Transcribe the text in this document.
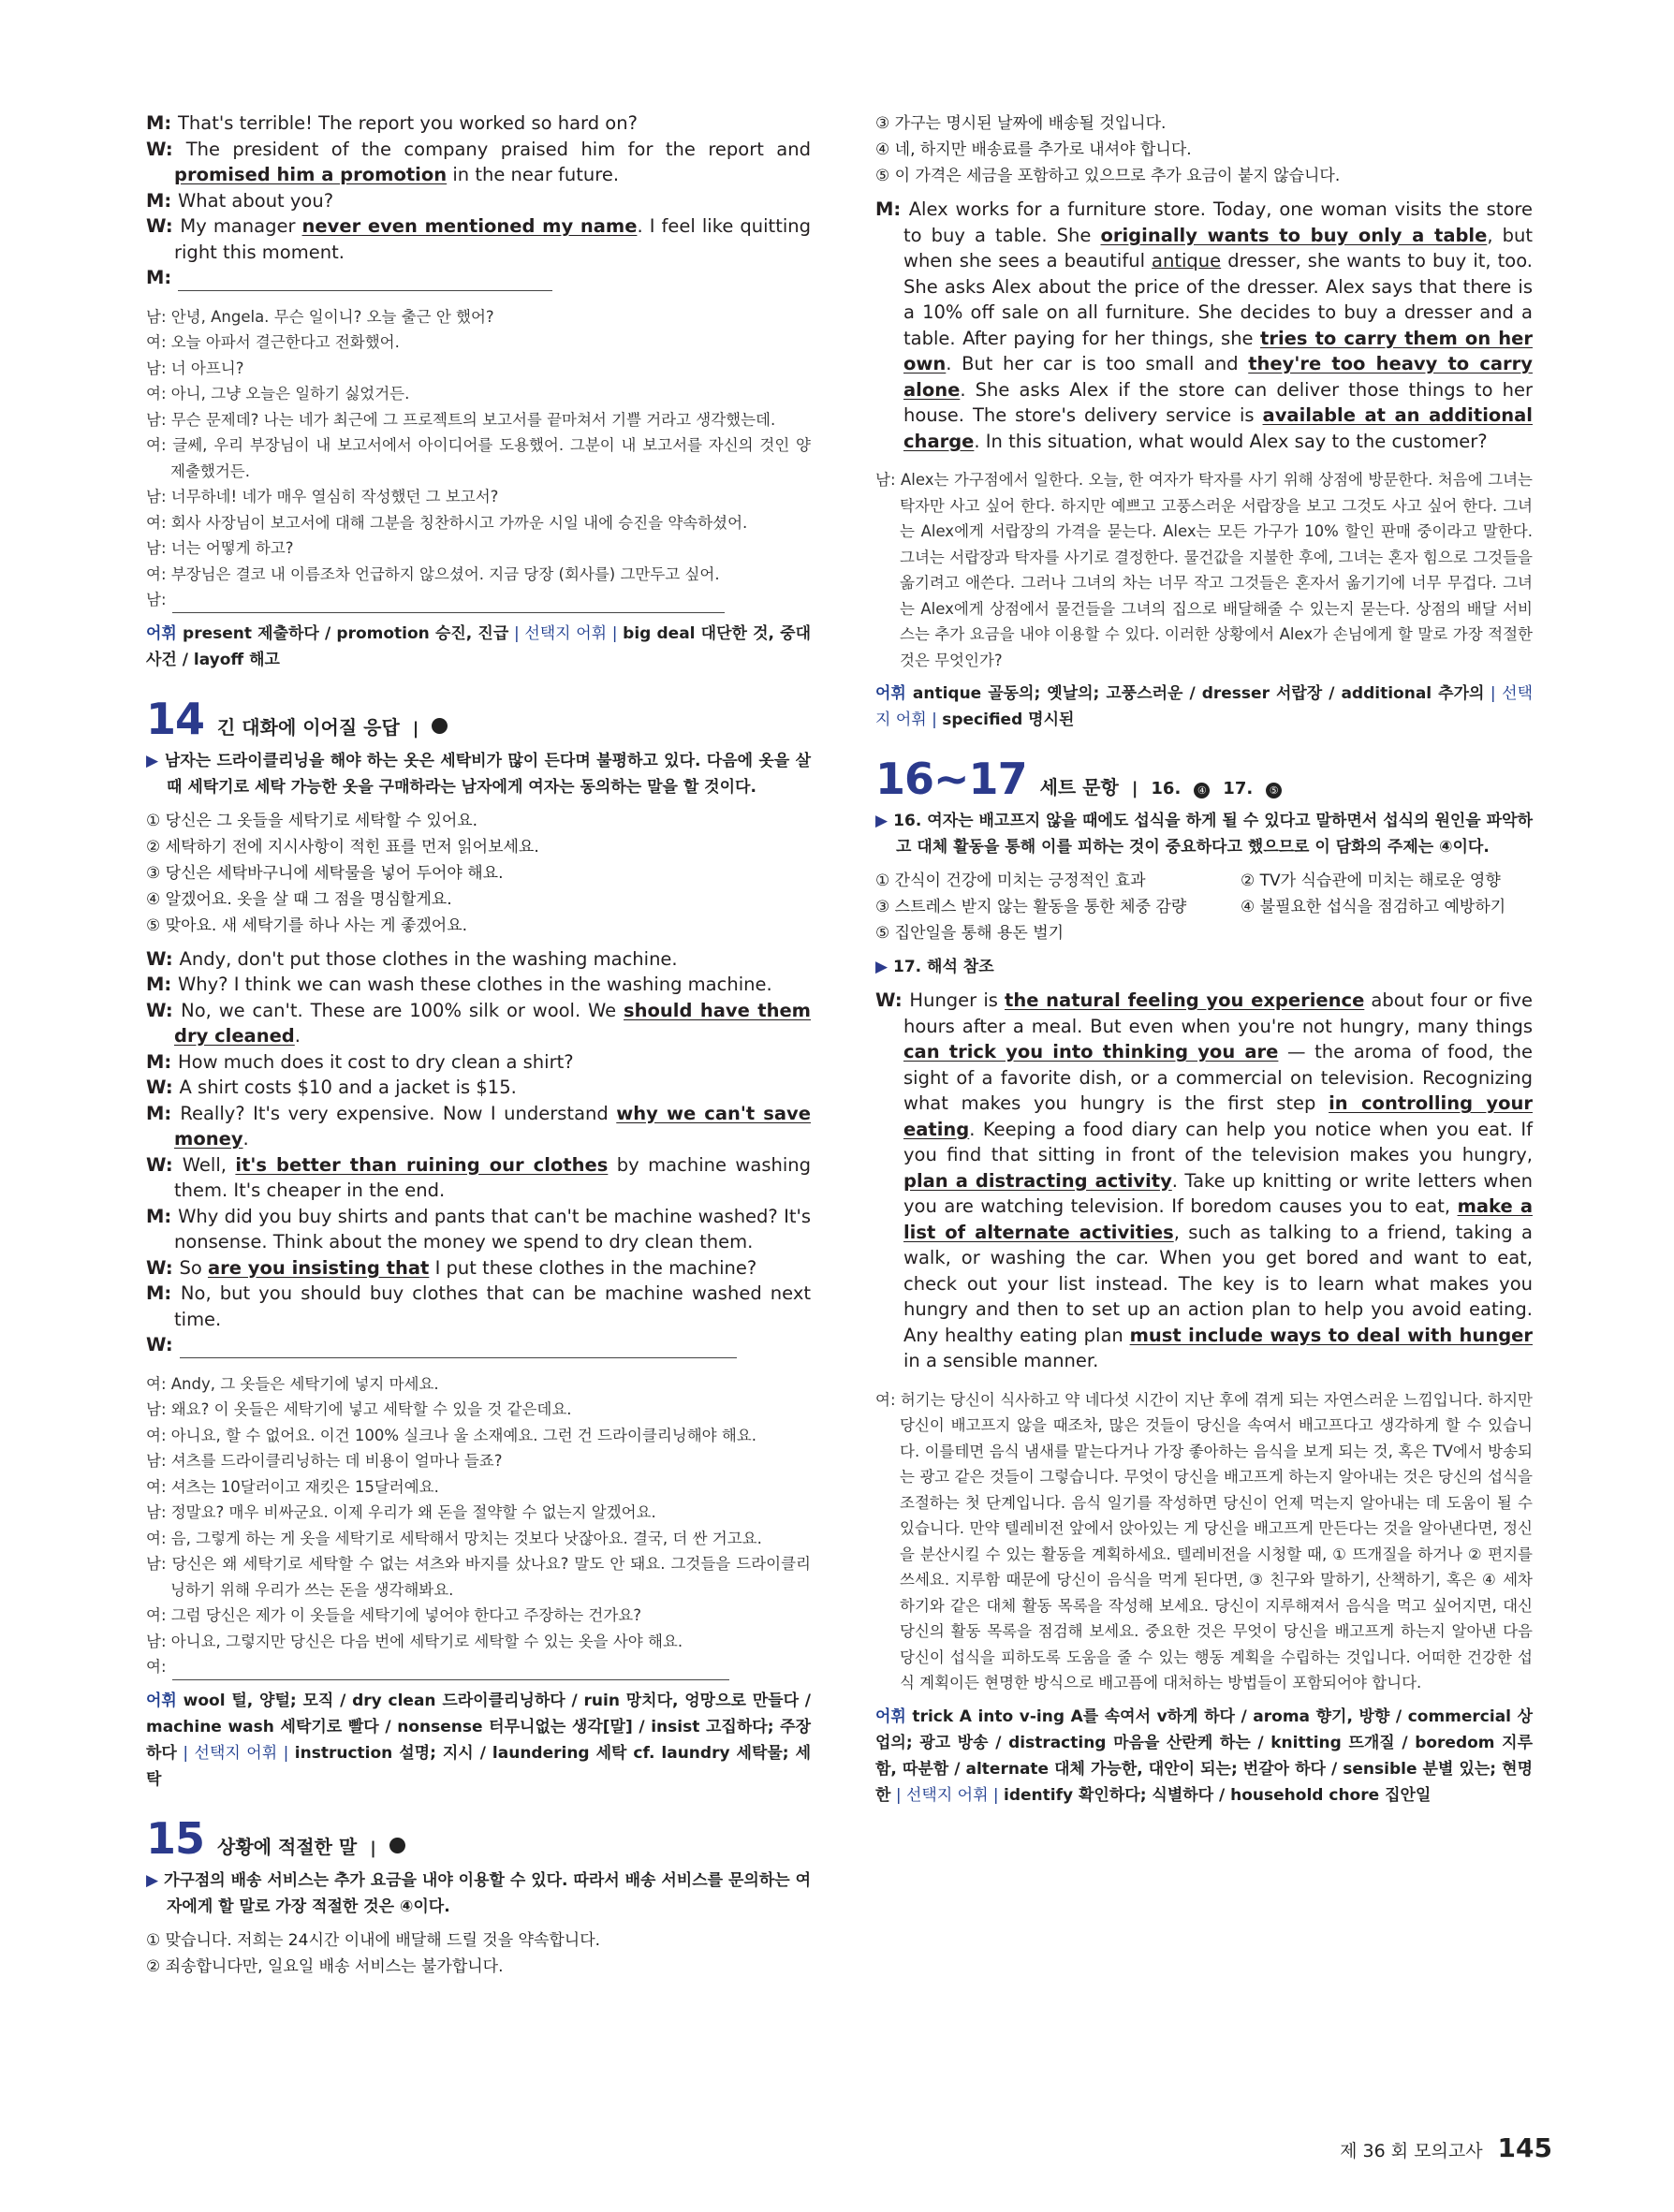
M: That's terrible! The report you worked so hard on?

W: The president of the company praised him for the report and promised him a promotion in the near future.

M: What about you?

W: My manager never even mentioned my name. I feel like quitting right this moment.

M:

남: 안녕, Angela. 무슨 일이니? 오늘 출근 안 했어?

여: 오늘 아파서 결근한다고 전화했어.

남: 너 아프니?

여: 아니, 그냥 오늘은 일하기 싫었거든.

남: 무슨 문제데? 나는 네가 최근에 그 프로젝트의 보고서를 끝마쳐서 기쁠 거라고 생각했는데.

여: 글쎄, 우리 부장님이 내 보고서에서 아이디어를 도용했어. 그분이 내 보고서를 자신의 것인 양 제출했거든.

남: 너무하네! 네가 매우 열심히 작성했던 그 보고서?

여: 회사 사장님이 보고서에 대해 그분을 칭찬하시고 가까운 시일 내에 승진을 약속하셨어.

남: 너는 어떻게 하고?

여: 부장님은 결코 내 이름조차 언급하지 않으셨어. 지금 당장 (회사를) 그만두고 싶어.

남:

어휘 present 제출하다 / promotion 승진, 진급 | 선택지 어휘 | big deal 대단한 것, 중대 사건 / layoff 해고

14 긴 대화에 이어질 응답 |

▶ 남자는 드라이클리닝을 해야 하는 옷은 세탁비가 많이 든다며 불평하고 있다. 다음에 옷을 살 때 세탁기로 세탁 가능한 옷을 구매하라는 남자에게 여자는 동의하는 말을 할 것이다.

① 당신은 그 옷들을 세탁기로 세탁할 수 있어요.

② 세탁하기 전에 지시사항이 적힌 표를 먼저 읽어보세요.

③ 당신은 세탁바구니에 세탁물을 넣어 두어야 해요.

④ 알겠어요. 옷을 살 때 그 점을 명심할게요.

⑤ 맞아요. 새 세탁기를 하나 사는 게 좋겠어요.

W: Andy, don't put those clothes in the washing machine.

M: Why? I think we can wash these clothes in the washing machine.

W: No, we can't. These are 100% silk or wool. We should have them dry cleaned.

M: How much does it cost to dry clean a shirt?

W: A shirt costs $10 and a jacket is $15.

M: Really? It's very expensive. Now I understand why we can't save money.

W: Well, it's better than ruining our clothes by machine washing them. It's cheaper in the end.

M: Why did you buy shirts and pants that can't be machine washed? It's nonsense. Think about the money we spend to dry clean them.

W: So are you insisting that I put these clothes in the machine?

M: No, but you should buy clothes that can be machine washed next time.

W:

여: Andy, 그 옷들은 세탁기에 넣지 마세요.

남: 왜요? 이 옷들은 세탁기에 넣고 세탁할 수 있을 것 같은데요.

여: 아니요, 할 수 없어요. 이건 100% 실크나 울 소재예요. 그런 건 드라이클리닝해야 해요.

남: 셔츠를 드라이클리닝하는 데 비용이 얼마나 들죠?

여: 셔츠는 10달러이고 재킷은 15달러예요.

남: 정말요? 매우 비싸군요. 이제 우리가 왜 돈을 절약할 수 없는지 알겠어요.

여: 음, 그렇게 하는 게 옷을 세탁기로 세탁해서 망치는 것보다 낫잖아요. 결국, 더 싼 거고요.

남: 당신은 왜 세탁기로 세탁할 수 없는 셔츠와 바지를 샀나요? 말도 안 돼요. 그것들을 드라이클리닝하기 위해 우리가 쓰는 돈을 생각해봐요.

여: 그럼 당신은 제가 이 옷들을 세탁기에 넣어야 한다고 주장하는 건가요?

남: 아니요, 그렇지만 당신은 다음 번에 세탁기로 세탁할 수 있는 옷을 사야 해요.

여:

어휘 wool 털, 양털; 모직 / dry clean 드라이클리닝하다 / ruin 망치다, 엉망으로 만들다 / machine wash 세탁기로 빨다 / nonsense 터무니없는 생각[말] / insist 고집하다; 주장하다 | 선택지 어휘 | instruction 설명; 지시 / laundering 세탁 cf. laundry 세탁물; 세탁

15 상황에 적절한 말 |

▶ 가구점의 배송 서비스는 추가 요금을 내야 이용할 수 있다. 따라서 배송 서비스를 문의하는 여자에게 할 말로 가장 적절한 것은 ④이다.

① 맞습니다. 저희는 24시간 이내에 배달해 드릴 것을 약속합니다.

② 죄송합니다만, 일요일 배송 서비스는 불가합니다.

③ 가구는 명시된 날짜에 배송될 것입니다.

④ 네, 하지만 배송료를 추가로 내셔야 합니다.

⑤ 이 가격은 세금을 포함하고 있으므로 추가 요금이 붙지 않습니다.

M: Alex works for a furniture store. Today, one woman visits the store to buy a table. She originally wants to buy only a table, but when she sees a beautiful antique dresser, she wants to buy it, too. She asks Alex about the price of the dresser. Alex says that there is a 10% off sale on all furniture. She decides to buy a dresser and a table. After paying for her things, she tries to carry them on her own. But her car is too small and they're too heavy to carry alone. She asks Alex if the store can deliver those things to her house. The store's delivery service is available at an additional charge. In this situation, what would Alex say to the customer?

남: Alex는 가구점에서 일한다. 오늘, 한 여자가 탁자를 사기 위해 상점에 방문한다. 처음에 그녀는 탁자만 사고 싶어 한다. 하지만 예쁘고 고풍스러운 서랍장을 보고 그것도 사고 싶어 한다. 그녀는 Alex에게 서랍장의 가격을 묻는다. Alex는 모든 가구가 10% 할인 판매 중이라고 말한다. 그녀는 서랍장과 탁자를 사기로 결정한다. 물건값을 지불한 후에, 그녀는 혼자 힘으로 그것들을 옮기려고 애쓴다. 그러나 그녀의 차는 너무 작고 그것들은 혼자서 옮기기에 너무 무겁다. 그녀는 Alex에게 상점에서 물건들을 그녀의 집으로 배달해줄 수 있는지 묻는다. 상점의 배달 서비스는 추가 요금을 내야 이용할 수 있다. 이러한 상황에서 Alex가 손님에게 할 말로 가장 적절한 것은 무엇인가?

어휘 antique 골동의; 옛날의; 고풍스러운 / dresser 서랍장 / additional 추가의 | 선택지 어휘 | specified 명시된

16~17 세트 문항 | 16.	④ 17.	⑤

▶ 16. 여자는 배고프지 않을 때에도 섭식을 하게 될 수 있다고 말하면서 섭식의 원인을 파악하고 대체 활동을 통해 이를 피하는 것이 중요하다고 했으므로 이 담화의 주제는 ④이다.

① 간식이 건강에 미치는 긍정적인 효과	② TV가 식습관에 미치는 해로운 영향
③ 스트레스 받지 않는 활동을 통한 체중 감량	④ 불필요한 섭식을 점검하고 예방하기
⑤ 집안일을 통해 용돈 벌기

▶ 17. 해석 참조

W: Hunger is the natural feeling you experience about four or five hours after a meal. But even when you're not hungry, many things can trick you into thinking you are — the aroma of food, the sight of a favorite dish, or a commercial on television. Recognizing what makes you hungry is the first step in controlling your eating. Keeping a food diary can help you notice when you eat. If you find that sitting in front of the television makes you hungry, plan a distracting activity. Take up knitting or write letters when you are watching television. If boredom causes you to eat, make a list of alternate activities, such as talking to a friend, taking a walk, or washing the car. When you get bored and want to eat, check out your list instead. The key is to learn what makes you hungry and then to set up an action plan to help you avoid eating. Any healthy eating plan must include ways to deal with hunger in a sensible manner.

여: 허기는 당신이 식사하고 약 네다섯 시간이 지난 후에 겪게 되는 자연스러운 느낌입니다. 하지만 당신이 배고프지 않을 때조차, 많은 것들이 당신을 속여서 배고프다고 생각하게 할 수 있습니다. 이를테면 음식 냄새를 맡는다거나 가장 좋아하는 음식을 보게 되는 것, 혹은 TV에서 방송되는 광고 같은 것들이 그렇습니다. 무엇이 당신을 배고프게 하는지 알아내는 것은 당신의 섭식을 조절하는 첫 단계입니다. 음식 일기를 작성하면 당신이 언제 먹는지 알아내는 데 도움이 될 수 있습니다. 만약 텔레비전 앞에서 앉아있는 게 당신을 배고프게 만든다는 것을 알아낸다면, 정신을 분산시킬 수 있는 활동을 계획하세요. 텔레비전을 시청할 때, ① 뜨개질을 하거나 ② 편지를 쓰세요. 지루함 때문에 당신이 음식을 먹게 된다면, ③ 친구와 말하기, 산책하기, 혹은 ④ 세차하기와 같은 대체 활동 목록을 작성해 보세요. 당신이 지루해져서 음식을 먹고 싶어지면, 대신 당신의 활동 목록을 점검해 보세요. 중요한 것은 무엇이 당신을 배고프게 하는지 알아낸 다음 당신이 섭식을 피하도록 도움을 줄 수 있는 행동 계획을 수립하는 것입니다. 어떠한 건강한 섭식 계획이든 현명한 방식으로 배고픔에 대처하는 방법들이 포함되어야 합니다.

어휘 trick A into v-ing A를 속여서 v하게 하다 / aroma 향기, 방향 / commercial 상업의; 광고 방송 / distracting 마음을 산란케 하는 / knitting 뜨개질 / boredom 지루함, 따분함 / alternate 대체 가능한, 대안이 되는; 번갈아 하다 / sensible 분별 있는; 현명한 | 선택지 어휘 | identify 확인하다; 식별하다 / household chore 집안일

제 36 회 모의고사 145
